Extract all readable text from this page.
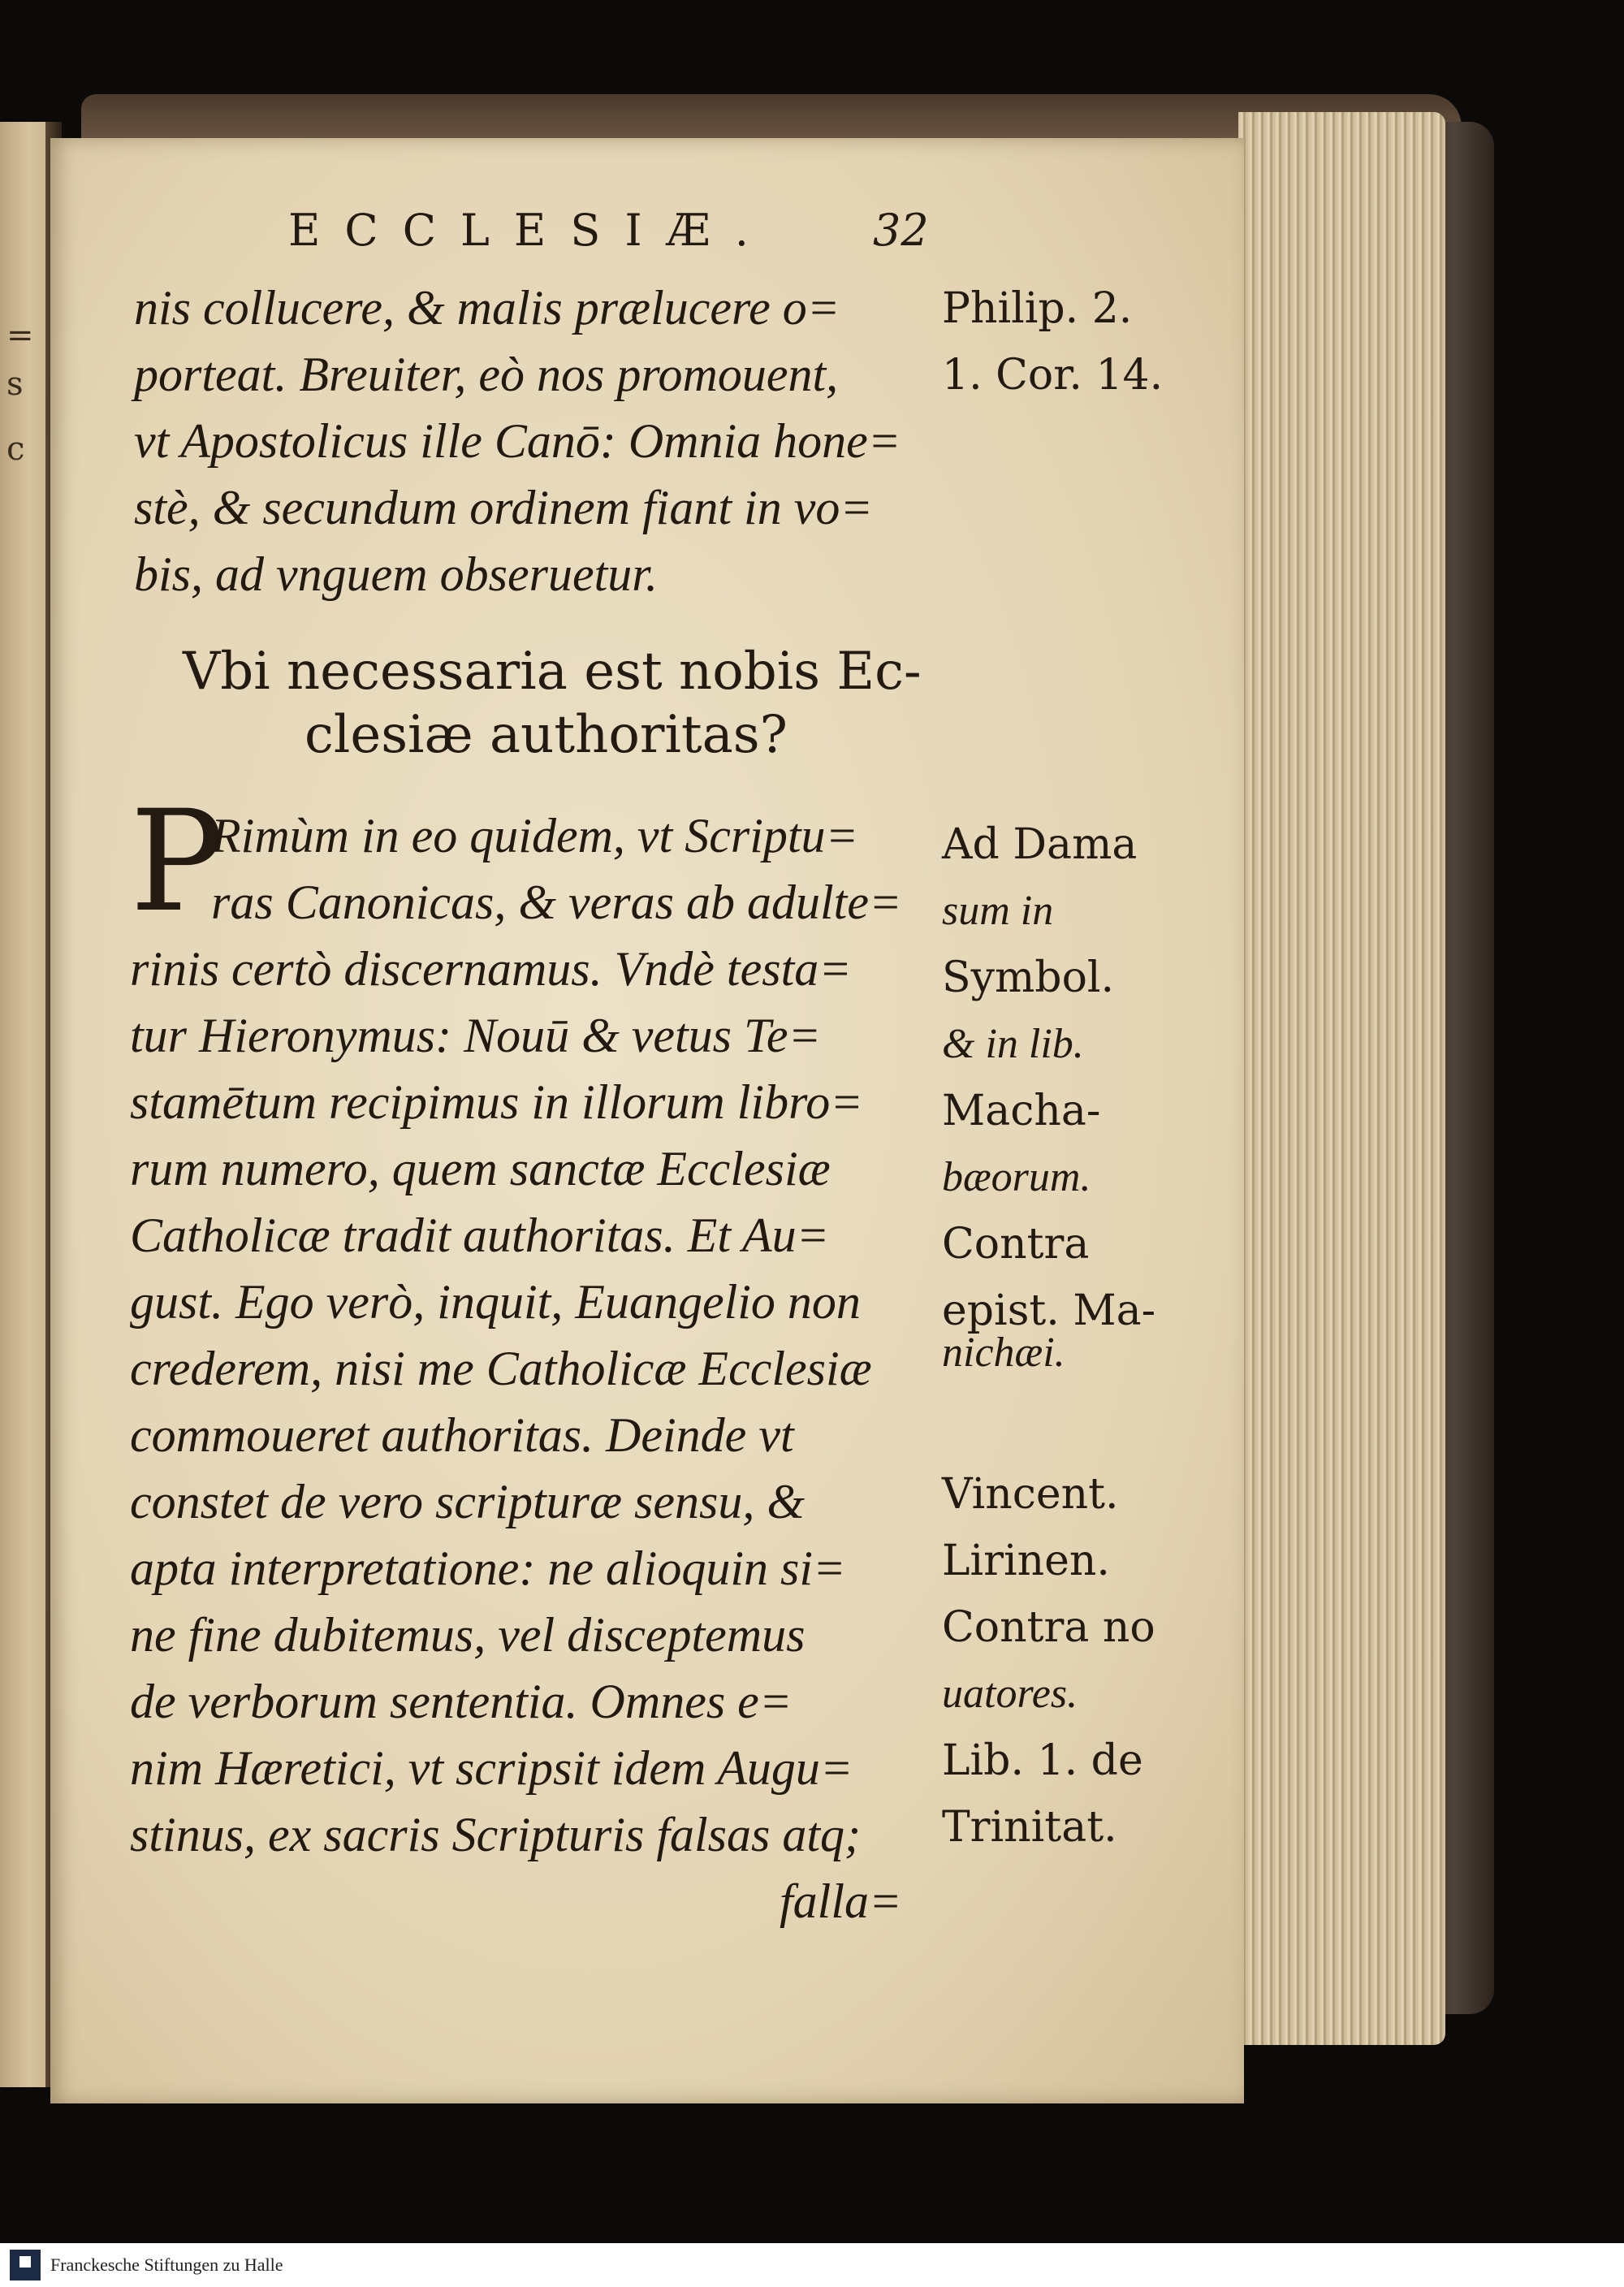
=
s
c
ECCLESIÆ. 32
nis collucere, & malis prælucere o=
porteat. Breuiter, eò nos promouent,
vt Apostolicus ille Canō: Omnia hone=
stè, & secundum ordinem fiant in vo=
bis, ad vnguem obseruetur.
Vbi necessaria est nobis Ec-
clesiæ authoritas?
P
Rimùm in eo quidem, vt Scriptu=
ras Canonicas, & veras ab adulte=
rinis certò discernamus. Vndè testa=
tur Hieronymus: Nouū & vetus Te=
stamētum recipimus in illorum libro=
rum numero, quem sanctæ Ecclesiæ
Catholicæ tradit authoritas. Et Au=
gust. Ego verò, inquit, Euangelio non
crederem, nisi me Catholicæ Ecclesiæ
commoueret authoritas. Deinde vt
constet de vero scripturæ sensu, &
apta interpretatione: ne alioquin si=
ne fine dubitemus, vel disceptemus
de verborum sententia. Omnes e=
nim Hæretici, vt scripsit idem Augu=
stinus, ex sacris Scripturis falsas atq;
falla=
Philip. 2.
1. Cor. 14.
Ad Dama
sum in
Symbol.
& in lib.
Macha-
bæorum.
Contra
epist. Ma-
nichæi.
Vincent.
Lirinen.
Contra no
uatores.
Lib. 1. de
Trinitat.
Franckesche Stiftungen zu Halle
